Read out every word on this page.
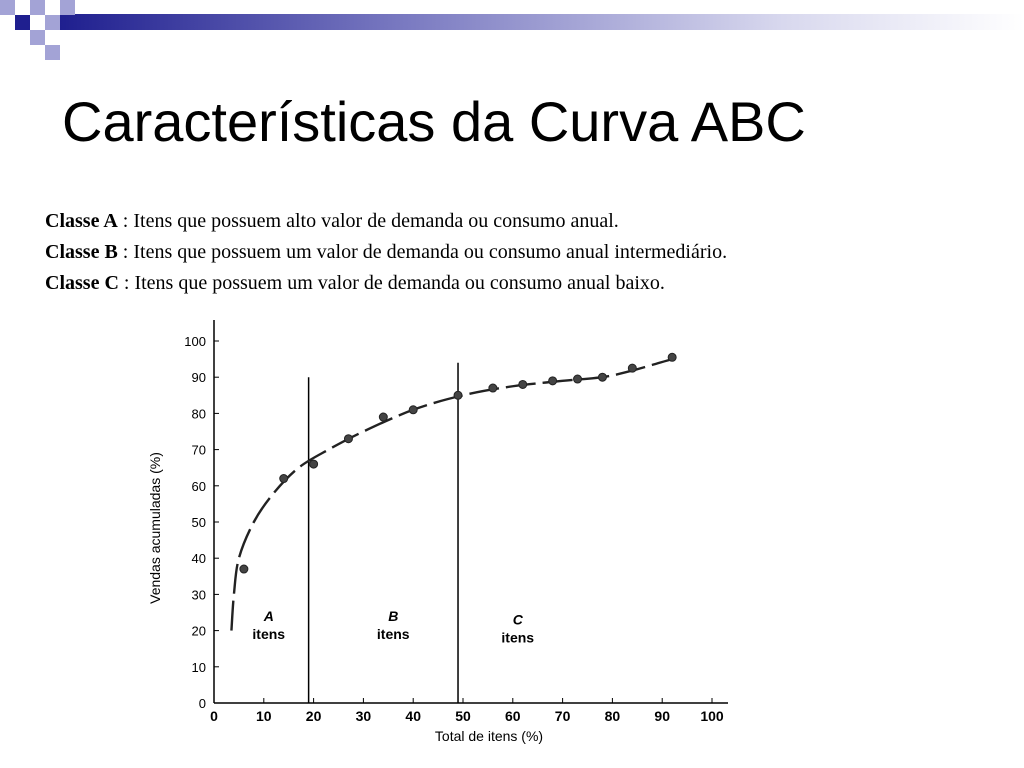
Características da Curva ABC
Classe A : Itens que possuem alto valor de demanda ou consumo anual.
Classe B : Itens que possuem um valor de demanda ou consumo anual intermediário.
Classe C : Itens que possuem um valor de demanda ou consumo anual baixo.
0	10 20 30 40 50 60 70 80 90 100
0
10
20
30
40
50
60
70
80
90
100
A
itens
B
itens
C
itens
Total de itens (%)
Vendas acumuladas (%)
